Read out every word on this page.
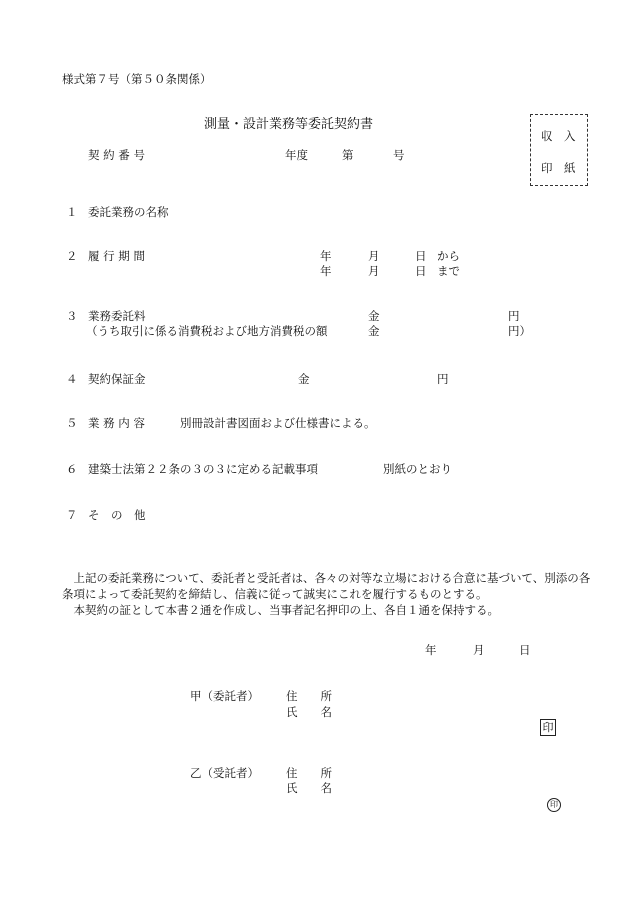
様式第７号（第５０条関係）
測量・設計業務等委託契約書
収　入
印　紙
契 約 番 号	年度	第	号
１ 委託業務の名称
２ 履 行 期 間	年	月	日 から
年	月	日 まで
３ 業務委託料	金	円
（うち取引に係る消費税および地方消費税の額	金	円）
４ 契約保証金	金	円
５ 業 務 内 容	別冊設計書図面および仕様書による。
６ 建築士法第２２条の３の３に定める記載事項	別紙のとおり
７ そ　の　他
　上記の委託業務について、委託者と受託者は、各々の対等な立場における合意に基づいて、別添の各条項によって委託契約を締結し、信義に従って誠実にこれを履行するものとする。
　本契約の証として本書２通を作成し、当事者記名押印の上、各自１通を保持する。
年	月	日
甲（委託者） 住　　所
氏　　名
印
乙（受託者） 住　　所
氏　　名
印
